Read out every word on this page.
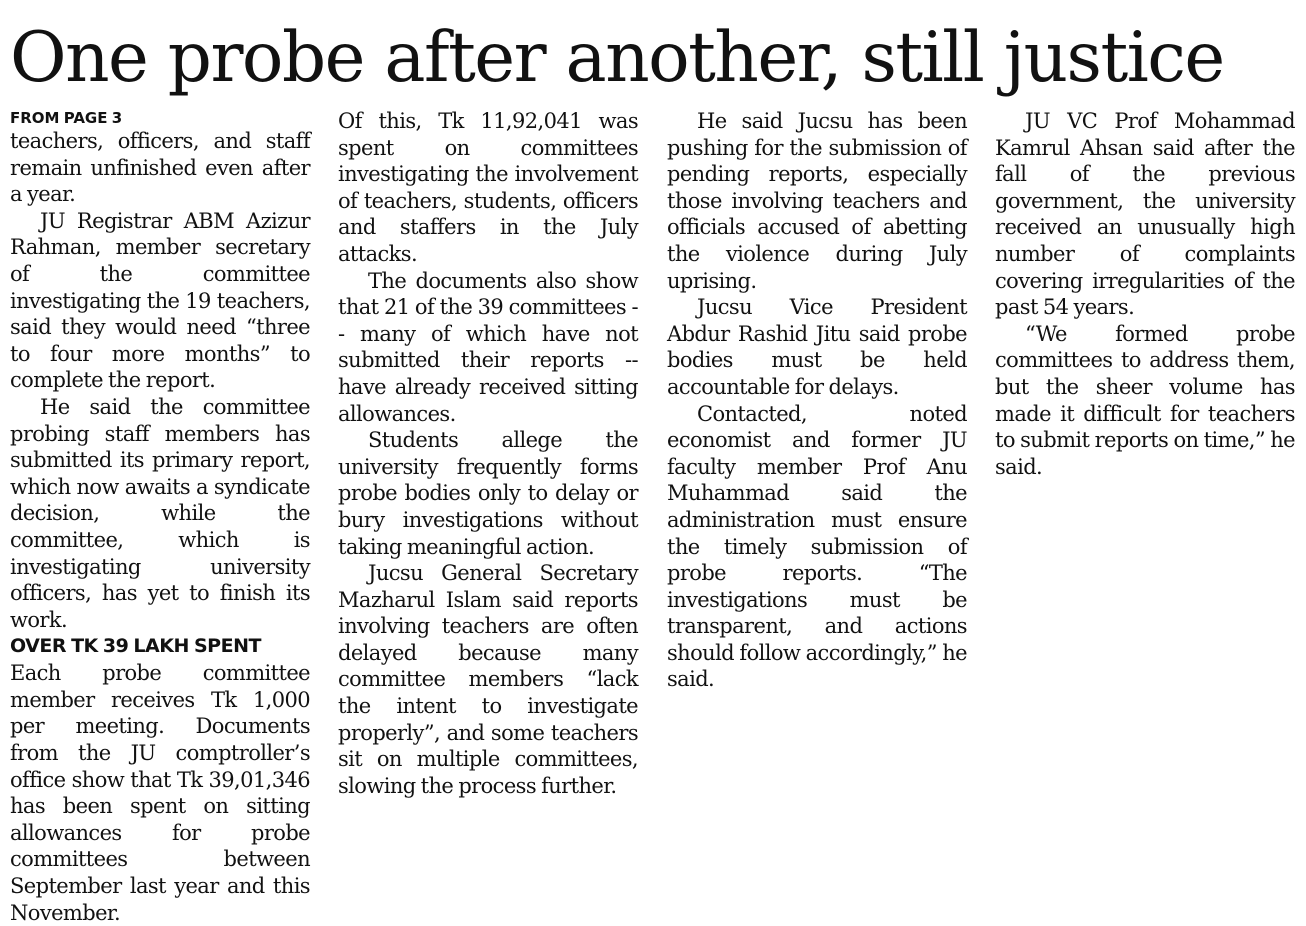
One probe after another, still justice
FROM PAGE 3

teachers, officers, and staff remain unfinished even after a year.

JU Registrar ABM Azizur Rahman, member secretary of the committee investigating the 19 teachers, said they would need “three to four more months” to complete the report.

He said the committee probing staff members has submitted its primary report, which now awaits a syndicate decision, while the committee, which is investigating university officers, has yet to finish its work.

OVER TK 39 LAKH SPENT

Each probe committee member receives Tk 1,000 per meeting. Documents from the JU comptroller’s office show that Tk 39,01,346 has been spent on sitting allowances for probe committees between September last year and this November.

Of this, Tk 11,92,041 was spent on committees investigating the involvement of teachers, students, officers and staffers in the July attacks.

The documents also show that 21 of the 39 committees -- many of which have not submitted their reports -- have already received sitting allowances.

Students allege the university frequently forms probe bodies only to delay or bury investigations without taking meaningful action.

Jucsu General Secretary Mazharul Islam said reports involving teachers are often delayed because many committee members “lack the intent to investigate properly”, and some teachers sit on multiple committees, slowing the process further.

He said Jucsu has been pushing for the submission of pending reports, especially those involving teachers and officials accused of abetting the violence during July uprising.

Jucsu Vice President Abdur Rashid Jitu said probe bodies must be held accountable for delays.

Contacted, noted economist and former JU faculty member Prof Anu Muhammad said the administration must ensure the timely submission of probe reports. “The investigations must be transparent, and actions should follow accordingly,” he said.

JU VC Prof Mohammad Kamrul Ahsan said after the fall of the previous government, the university received an unusually high number of complaints covering irregularities of the past 54 years.

“We formed probe committees to address them, but the sheer volume has made it difficult for teachers to submit reports on time,” he said.
